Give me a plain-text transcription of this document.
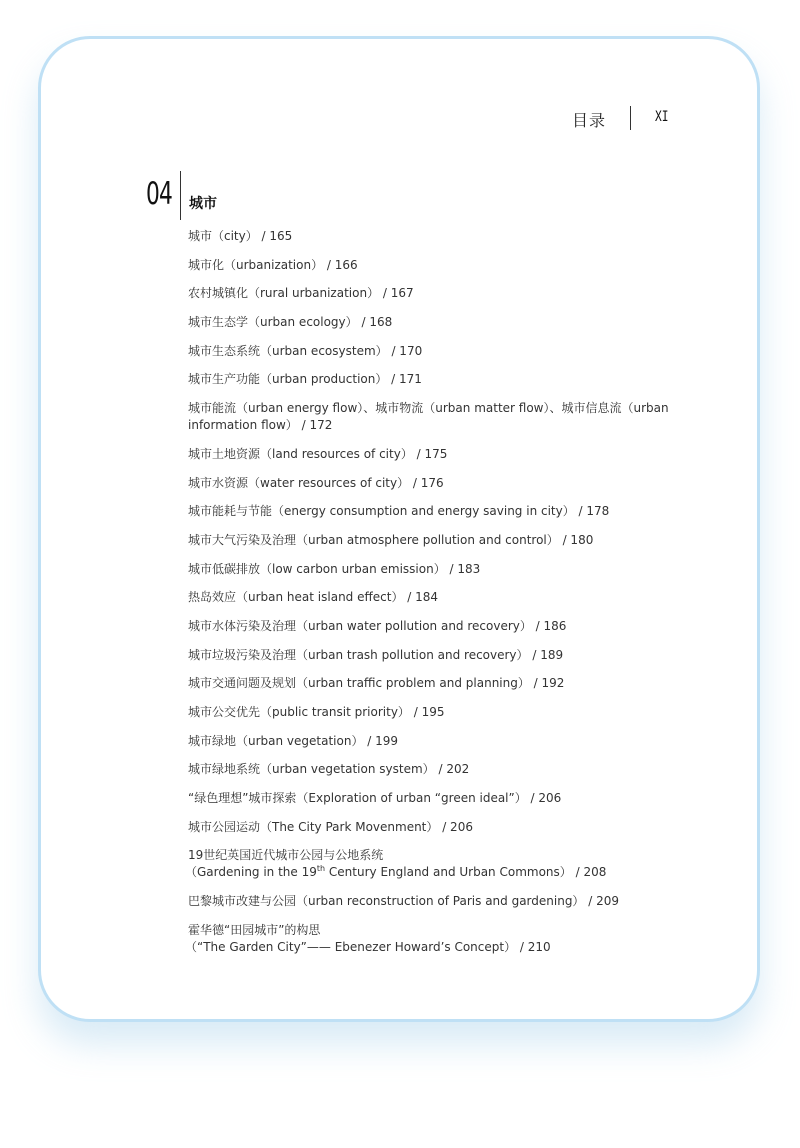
目录	XI
04 城市
城市（city） / 165
城市化（urbanization） / 166
农村城镇化（rural urbanization） / 167
城市生态学（urban ecology） / 168
城市生态系统（urban ecosystem） / 170
城市生产功能（urban production） / 171
城市能流（urban energy flow）、城市物流（urban matter flow）、城市信息流（urban information flow） / 172
城市土地资源（land resources of city） / 175
城市水资源（water resources of city） / 176
城市能耗与节能（energy consumption and energy saving in city） / 178
城市大气污染及治理（urban atmosphere pollution and control） / 180
城市低碳排放（low carbon urban emission） / 183
热岛效应（urban heat island effect） / 184
城市水体污染及治理（urban water pollution and recovery） / 186
城市垃圾污染及治理（urban trash pollution and recovery） / 189
城市交通问题及规划（urban traffic problem and planning） / 192
城市公交优先（public transit priority） / 195
城市绿地（urban vegetation） / 199
城市绿地系统（urban vegetation system） / 202
“绿色理想”城市探索（Exploration of urban “green ideal”） / 206
城市公园运动（The City Park Movenment） / 206
19世纪英国近代城市公园与公地系统
（Gardening in the 19th Century England and Urban Commons） / 208
巴黎城市改建与公园（urban reconstruction of Paris and gardening） / 209
霍华德“田园城市”的构思
（“The Garden City”—— Ebenezer Howard’s Concept） / 210
